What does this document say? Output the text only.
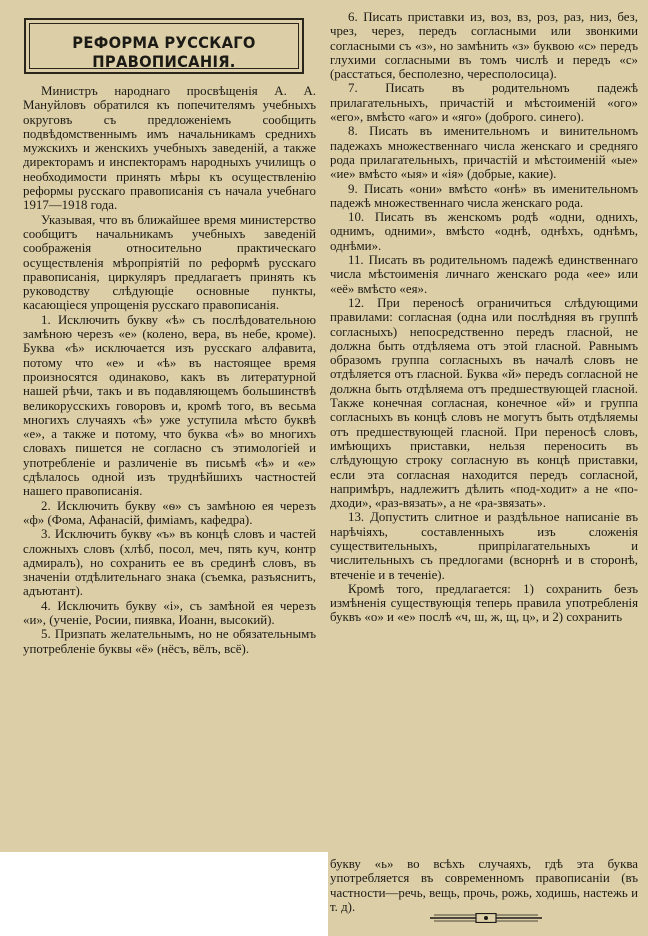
РЕФОРМА РУССКАГО ПРАВОПИСАНІЯ.

Министръ народнаго просвѣщенія А. А. Мануйловъ обратился къ попечителямъ учебныхъ округовъ съ предложеніемъ сообщить подвѣдомственнымъ имъ начальникамъ среднихъ мужскихъ и женскихъ учебныхъ заведеній, а также директорамъ и инспекторамъ народныхъ училищъ о необходимости принять мѣры къ осуществленію реформы русскаго правописанія съ начала учебнаго 1917—1918 года.

Указывая, что въ ближайшее время министерство сообщитъ начальникамъ учебныхъ заведеній соображенія относительно практическаго осуществленія мѣропріятій по реформѣ русскаго правописанія, циркуляръ предлагаетъ принять къ руководству слѣдующіе основные пункты, касающіеся упрощенія русскаго правописанія.

1. Исключить букву «ѣ» съ послѣдовательною замѣною черезъ «е» (колено, вера, въ небе, кроме). Буква «ѣ» исключается изъ русскаго алфавита, потому что «е» и «ѣ» въ настоящее время произносятся одинаково, какъ въ литературной нашей рѣчи, такъ и въ подавляющемъ большинствѣ великорусскихъ говоровъ и, кромѣ того, въ весьма многихъ случаяхъ «ѣ» уже уступила мѣсто буквѣ «е», а также и потому, что буква «ѣ» во многихъ словахъ пишется не согласно съ этимологіей и употребленіе и различеніе въ письмѣ «ѣ» и «е» сдѣлалось одной изъ труднѣйшихъ частностей нашего правописанія.

2. Исключить букву «ѳ» съ замѣною ея черезъ «ф» (Фома, Афанасій, фиміамъ, кафедра).

3. Исключить букву «ъ» въ концѣ словъ и частей сложныхъ словъ (хлѣб, посол, меч, пять куч, контр адмиралъ), но сохранить ее въ срединѣ словъ, въ значеніи отдѣлительнаго знака (съемка, разъяснитъ, адъютант).

4. Исключить букву «і», съ замѣной ея черезъ «и», (ученіе, Росии, пиявка, Иоанн, высокий).

5. Призпать желательнымъ, но не обязательнымъ употребленіе буквы «ё» (нёсъ, вёлъ, всё).

6. Писать приставки из, воз, вз, роз, раз, низ, без, чрез, через, передъ согласными или звонкими согласными съ «з», но замѣнить «з» буквою «с» передъ глухими согласными въ томъ числѣ и передъ «с» (расстаться, бесполезно, чересполосица).

7. Писать въ родительномъ падежѣ прилагательныхъ, причастій и мѣстоименій «ого» «его», вмѣсто «аго» и «яго» (доброго. синего).

8. Писать въ именительномъ и винительномъ падежахъ множественнаго числа женскаго и средняго рода прилагательныхъ, причастій и мѣстоименій «ые» «ие» вмѣсто «ыя» и «ія» (добрые, какие).

9. Писать «они» вмѣсто «онѣ» въ именительномъ падежѣ множественнаго числа женскаго рода.

10. Писать въ женскомъ родѣ «одни, однихъ, однимъ, одними», вмѣсто «однѣ, однѣхъ, однѣмъ, однѣми».

11. Писать въ родительномъ падежѣ единственнаго числа мѣстоименія личнаго женскаго рода «ее» или «её» вмѣсто «ея».

12. При переносѣ ограничиться слѣдующими правилами: согласная (одна или послѣдняя въ группѣ согласныхъ) непосредственно передъ гласной, не должна быть отдѣляема отъ этой гласной. Равнымъ образомъ группа согласныхъ въ началѣ словъ не отдѣляется отъ гласной. Буква «й» передъ согласной не должна быть отдѣляема отъ предшествующей гласной. Также конечная согласная, конечное «й» и группа согласныхъ въ концѣ словъ не могутъ быть отдѣляемы отъ предшествующей гласной. При переносѣ словъ, имѣющихъ приставки, нельзя переносить въ слѣдующую строку согласную въ концѣ приставки, если эта согласная находится передъ согласной, напримѣръ, надлежитъ дѣлить «под-ходит» а не «по-дходи», «раз-вязать», а не «ра-звязать».

13. Допустить слитное и раздѣльное написаніе въ нарѣчіяхъ, составленныхъ изъ сложенія существительныхъ, припрілагательныхъ и числительныхъ съ предлогами (вснорнѣ и в сторонѣ, втеченіе и в теченіе).

Кромѣ того, предлагается: 1) сохранить безъ измѣненія существующія теперь правила употребленія буквъ «о» и «е» послѣ «ч, ш, ж, щ, ц», и 2) сохранить

букву «ь» во всѣхъ случаяхъ, гдѣ эта буква употребляется въ современномъ правописаніи (въ частности—речь, вещь, прочь, рожь, ходишь, настежь и т. д).
